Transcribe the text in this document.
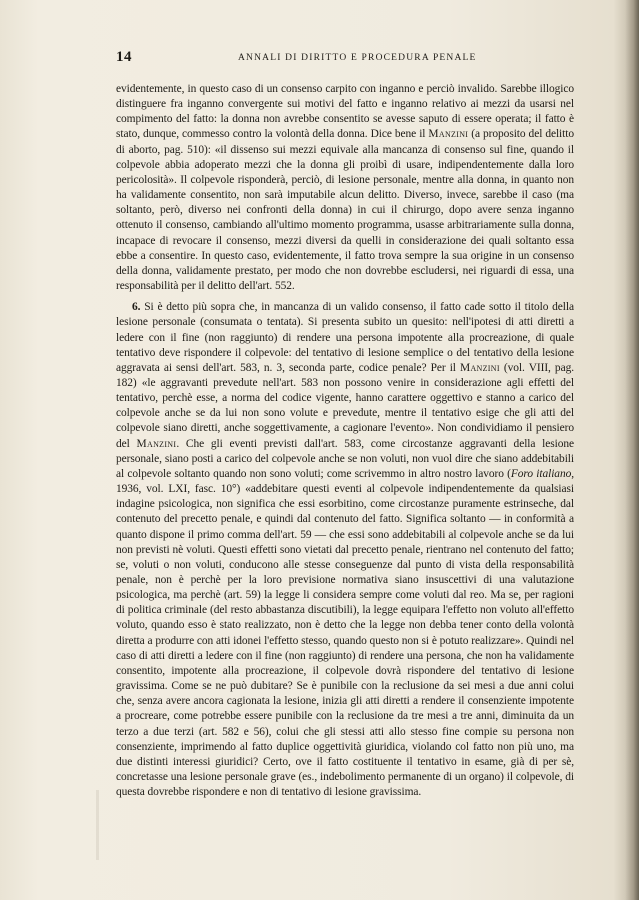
14	ANNALI DI DIRITTO E PROCEDURA PENALE

evidentemente, in questo caso di un consenso carpito con inganno e perciò invalido. Sarebbe illogico distinguere fra inganno convergente sui motivi del fatto e inganno relativo ai mezzi da usarsi nel compimento del fatto: la donna non avrebbe consentito se avesse saputo di essere operata; il fatto è stato, dunque, commesso contro la volontà della donna. Dice bene il Manzini (a proposito del delitto di aborto, pag. 510): «il dissenso sui mezzi equivale alla mancanza di consenso sul fine, quando il colpevole abbia adoperato mezzi che la donna gli proibì di usare, indipendentemente dalla loro pericolosità». Il colpevole risponderà, perciò, di lesione personale, mentre alla donna, in quanto non ha validamente consentito, non sarà imputabile alcun delitto. Diverso, invece, sarebbe il caso (ma soltanto, però, diverso nei confronti della donna) in cui il chirurgo, dopo avere senza inganno ottenuto il consenso, cambiando all'ultimo momento programma, usasse arbitrariamente sulla donna, incapace di revocare il consenso, mezzi diversi da quelli in considerazione dei quali soltanto essa ebbe a consentire. In questo caso, evidentemente, il fatto trova sempre la sua origine in un consenso della donna, validamente prestato, per modo che non dovrebbe escludersi, nei riguardi di essa, una responsabilità per il delitto dell'art. 552.

6. Si è detto più sopra che, in mancanza di un valido consenso, il fatto cade sotto il titolo della lesione personale (consumata o tentata). Si presenta subito un quesito: nell'ipotesi di atti diretti a ledere con il fine (non raggiunto) di rendere una persona impotente alla procreazione, di quale tentativo deve rispondere il colpevole: del tentativo di lesione semplice o del tentativo della lesione aggravata ai sensi dell'art. 583, n. 3, seconda parte, codice penale? Per il Manzini (vol. VIII, pag. 182) «le aggravanti prevedute nell'art. 583 non possono venire in considerazione agli effetti del tentativo, perchè esse, a norma del codice vigente, hanno carattere oggettivo e stanno a carico del colpevole anche se da lui non sono volute e prevedute, mentre il tentativo esige che gli atti del colpevole siano diretti, anche soggettivamente, a cagionare l'evento». Non condividiamo il pensiero del Manzini. Che gli eventi previsti dall'art. 583, come circostanze aggravanti della lesione personale, siano posti a carico del colpevole anche se non voluti, non vuol dire che siano addebitabili al colpevole soltanto quando non sono voluti; come scrivemmo in altro nostro lavoro (Foro italiano, 1936, vol. LXI, fasc. 10°) «addebitare questi eventi al colpevole indipendentemente da qualsiasi indagine psicologica, non significa che essi esorbitino, come circostanze puramente estrinseche, dal contenuto del precetto penale, e quindi dal contenuto del fatto. Significa soltanto — in conformità a quanto dispone il primo comma dell'art. 59 — che essi sono addebitabili al colpevole anche se da lui non previsti nè voluti. Questi effetti sono vietati dal precetto penale, rientrano nel contenuto del fatto; se, voluti o non voluti, conducono alle stesse conseguenze dal punto di vista della responsabilità penale, non è perchè per la loro previsione normativa siano insuscettivi di una valutazione psicologica, ma perchè (art. 59) la legge li considera sempre come voluti dal reo. Ma se, per ragioni di politica criminale (del resto abbastanza discutibili), la legge equipara l'effetto non voluto all'effetto voluto, quando esso è stato realizzato, non è detto che la legge non debba tener conto della volontà diretta a produrre con atti idonei l'effetto stesso, quando questo non si è potuto realizzare». Quindi nel caso di atti diretti a ledere con il fine (non raggiunto) di rendere una persona, che non ha validamente consentito, impotente alla procreazione, il colpevole dovrà rispondere del tentativo di lesione gravissima. Come se ne può dubitare? Se è punibile con la reclusione da sei mesi a due anni colui che, senza avere ancora cagionata la lesione, inizia gli atti diretti a rendere il consenziente impotente a procreare, come potrebbe essere punibile con la reclusione da tre mesi a tre anni, diminuita da un terzo a due terzi (art. 582 e 56), colui che gli stessi atti allo stesso fine compie su persona non consenziente, imprimendo al fatto duplice oggettività giuridica, violando col fatto non più uno, ma due distinti interessi giuridici? Certo, ove il fatto costituente il tentativo in esame, già di per sè, concretasse una lesione personale grave (es., indebolimento permanente di un organo) il colpevole, di questa dovrebbe rispondere e non di tentativo di lesione gravissima.
